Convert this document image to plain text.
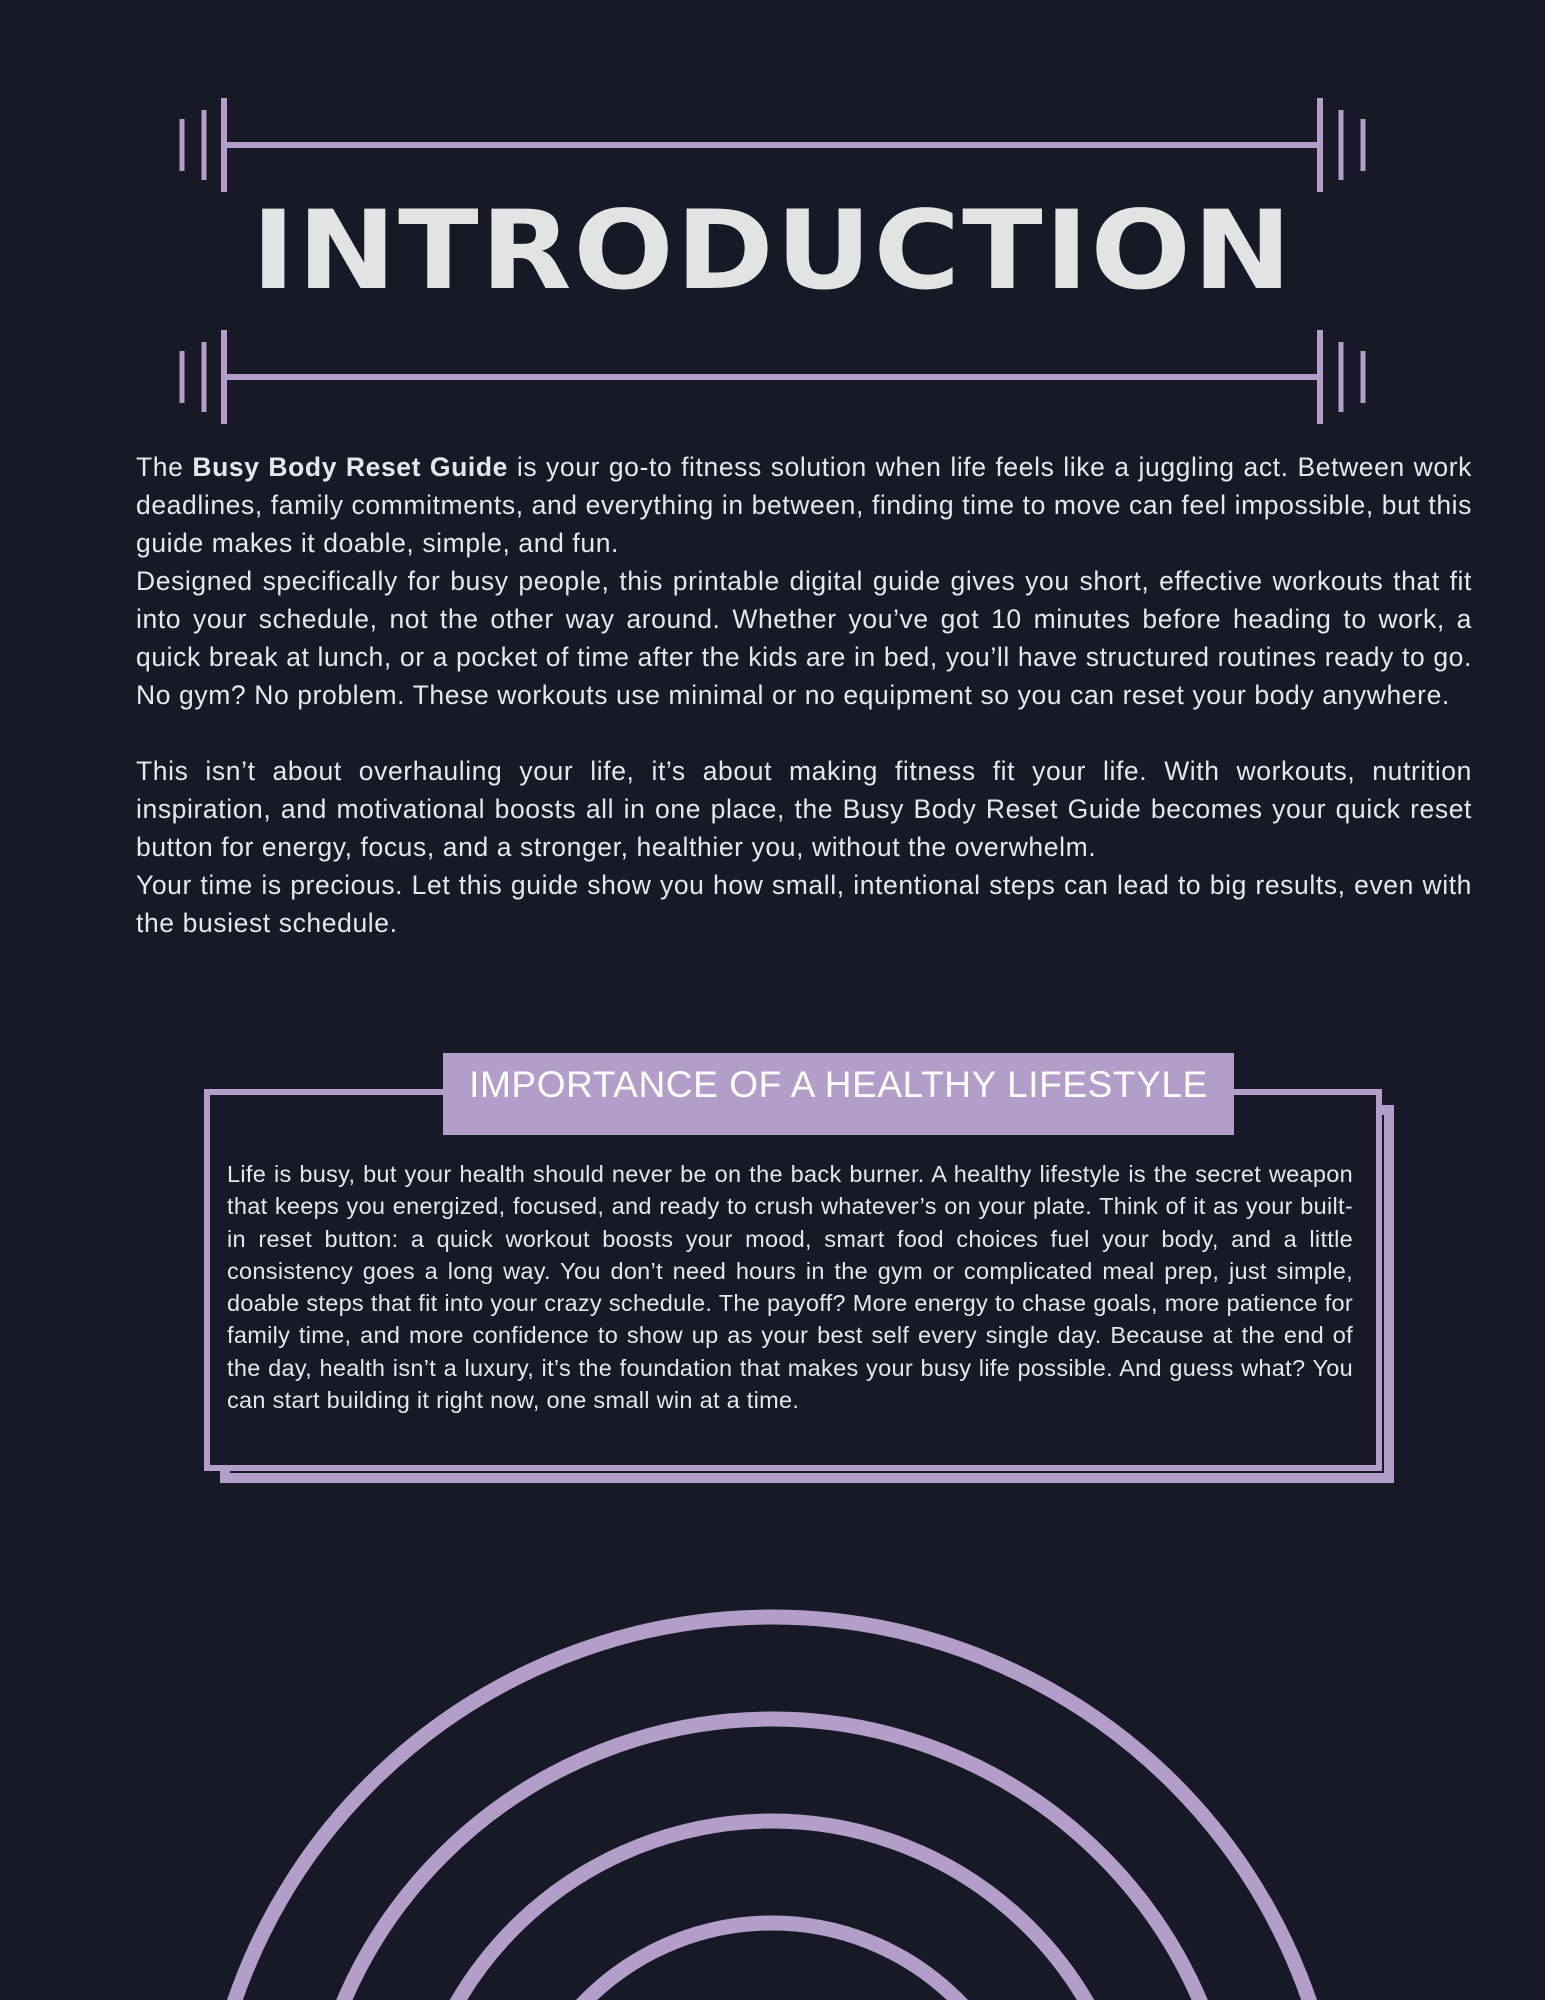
INTRODUCTION

The Busy Body Reset Guide is your go-to fitness solution when life feels like a juggling act. Between work deadlines, family commitments, and everything in between, finding time to move can feel impossible, but this guide makes it doable, simple, and fun.

Designed specifically for busy people, this printable digital guide gives you short, effective workouts that fit into your schedule, not the other way around. Whether you’ve got 10 minutes before heading to work, a quick break at lunch, or a pocket of time after the kids are in bed, you’ll have structured routines ready to go. No gym? No problem. These workouts use minimal or no equipment so you can reset your body anywhere.

This isn’t about overhauling your life, it’s about making fitness fit your life. With workouts, nutrition inspiration, and motivational boosts all in one place, the Busy Body Reset Guide becomes your quick reset button for energy, focus, and a stronger, healthier you, without the overwhelm.

Your time is precious. Let this guide show you how small, intentional steps can lead to big results, even with the busiest schedule.

IMPORTANCE OF A HEALTHY LIFESTYLE

Life is busy, but your health should never be on the back burner. A healthy lifestyle is the secret weapon that keeps you energized, focused, and ready to crush whatever’s on your plate. Think of it as your built-in reset button: a quick workout boosts your mood, smart food choices fuel your body, and a little consistency goes a long way. You don’t need hours in the gym or complicated meal prep, just simple, doable steps that fit into your crazy schedule. The payoff? More energy to chase goals, more patience for family time, and more confidence to show up as your best self every single day. Because at the end of the day, health isn’t a luxury, it’s the foundation that makes your busy life possible. And guess what? You can start building it right now, one small win at a time.
